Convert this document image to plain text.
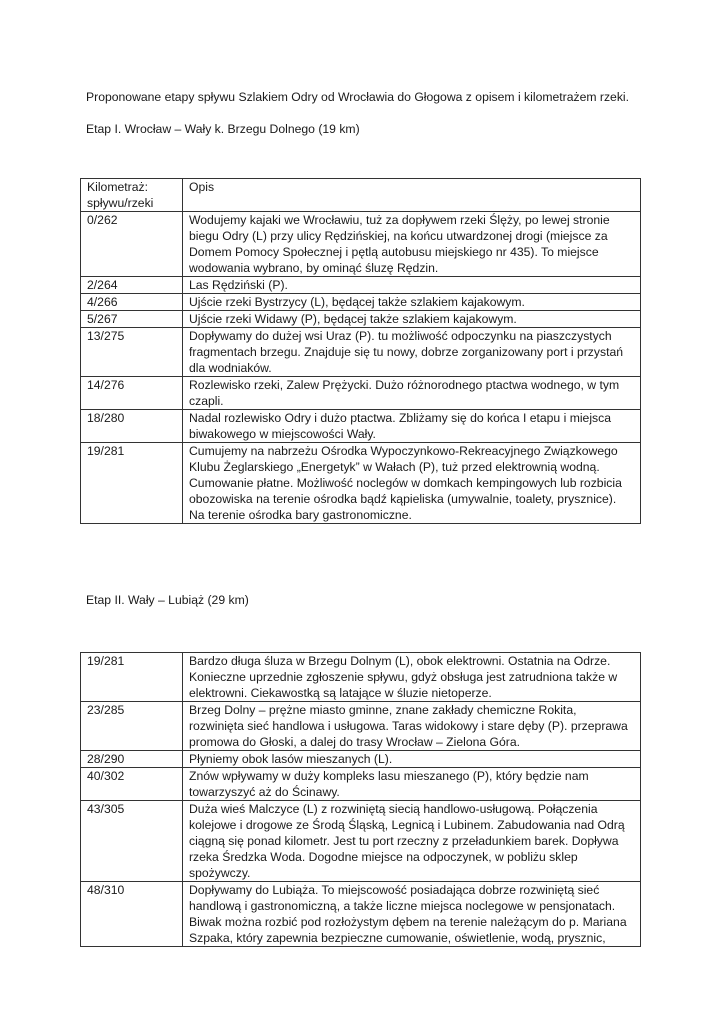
Proponowane etapy spływu Szlakiem Odry od Wrocławia do Głogowa z opisem i kilometrażem rzeki.

Etap I. Wrocław – Wały k. Brzegu Dolnego (19 km)

Kilometraż:
spływu/rzeki	Opis
0/262	Wodujemy kajaki we Wrocławiu, tuż za dopływem rzeki Ślęży, po lewej stronie biegu Odry (L) przy ulicy Rędzińskiej, na końcu utwardzonej drogi (miejsce za Domem Pomocy Społecznej i pętlą autobusu miejskiego nr 435). To miejsce wodowania wybrano, by ominąć śluzę Rędzin.
2/264	Las Rędziński (P).
4/266	Ujście rzeki Bystrzycy (L), będącej także szlakiem kajakowym.
5/267	Ujście rzeki Widawy (P), będącej także szlakiem kajakowym.
13/275	Dopływamy do dużej wsi Uraz (P). tu możliwość odpoczynku na piaszczystych fragmentach brzegu. Znajduje się tu nowy, dobrze zorganizowany port i przystań dla wodniaków.
14/276	Rozlewisko rzeki, Zalew Prężycki. Dużo różnorodnego ptactwa wodnego, w tym czapli.
18/280	Nadal rozlewisko Odry i dużo ptactwa. Zbliżamy się do końca I etapu i miejsca biwakowego w miejscowości Wały.
19/281	Cumujemy na nabrzeżu Ośrodka Wypoczynkowo-Rekreacyjnego Związkowego Klubu Żeglarskiego „Energetyk” w Wałach (P), tuż przed elektrownią wodną. Cumowanie płatne. Możliwość noclegów w domkach kempingowych lub rozbicia obozowiska na terenie ośrodka bądź kąpieliska (umywalnie, toalety, prysznice). Na terenie ośrodka bary gastronomiczne.

Etap II. Wały – Lubiąż (29 km)

19/281	Bardzo długa śluza w Brzegu Dolnym (L), obok elektrowni. Ostatnia na Odrze. Konieczne uprzednie zgłoszenie spływu, gdyż obsługa jest zatrudniona także w elektrowni. Ciekawostką są latające w śluzie nietoperze.
23/285	Brzeg Dolny – prężne miasto gminne, znane zakłady chemiczne Rokita, rozwinięta sieć handlowa i usługowa. Taras widokowy i stare dęby (P). przeprawa promowa do Głoski, a dalej do trasy Wrocław – Zielona Góra.
28/290	Płyniemy obok lasów mieszanych (L).
40/302	Znów wpływamy w duży kompleks lasu mieszanego (P), który będzie nam towarzyszyć aż do Ścinawy.
43/305	Duża wieś Malczyce (L) z rozwiniętą siecią handlowo-usługową. Połączenia kolejowe i drogowe ze Środą Śląską, Legnicą i Lubinem. Zabudowania nad Odrą ciągną się ponad kilometr. Jest tu port rzeczny z przeładunkiem barek. Dopływa rzeka Średzka Woda. Dogodne miejsce na odpoczynek, w pobliżu sklep spożywczy.
48/310	Dopływamy do Lubiąża. To miejscowość posiadająca dobrze rozwiniętą sieć handlową i gastronomiczną, a także liczne miejsca noclegowe w pensjonatach. Biwak można rozbić pod rozłożystym dębem na terenie należącym do p. Mariana Szpaka, który zapewnia bezpieczne cumowanie, oświetlenie, wodą, prysznic,
